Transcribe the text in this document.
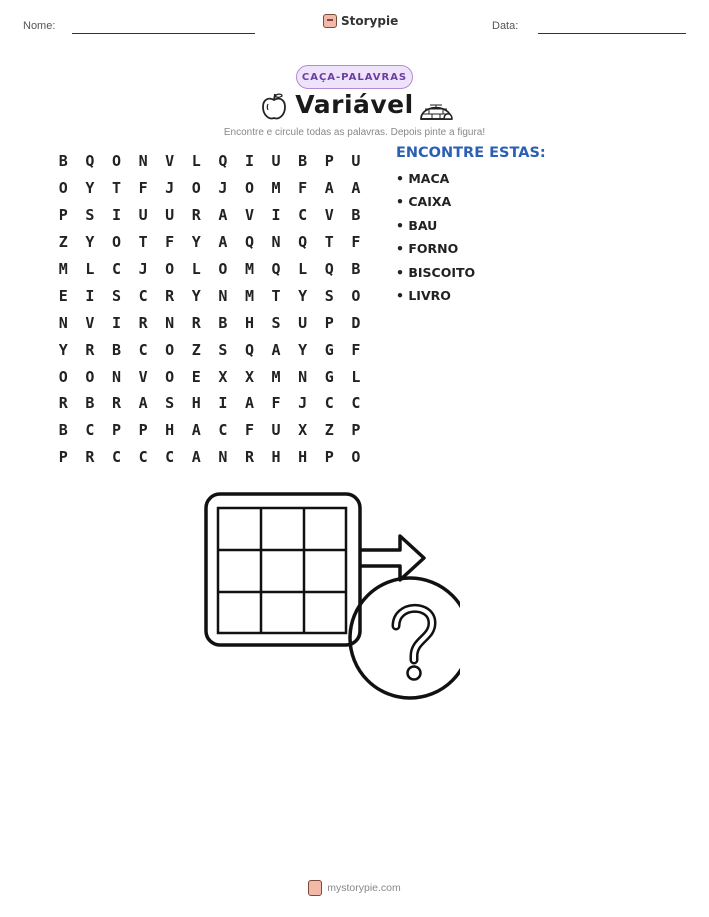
Nome:	Storypie	Data:
CAÇA-PALAVRAS
Variável
Encontre e circule todas as palavras. Depois pinte a figura!
B	Q	O	N	V	L	Q	I	U	B	P	U
O	Y	T	F	J	O	J	O	M	F	A	A
P	S	I	U	U	R	A	V	I	C	V	B
Z	Y	O	T	F	Y	A	Q	N	Q	T	F
M	L	C	J	O	L	O	M	Q	L	Q	B
E	I	S	C	R	Y	N	M	T	Y	S	O
N	V	I	R	N	R	B	H	S	U	P	D
Y	R	B	C	O	Z	S	Q	A	Y	G	F
O	O	N	V	O	E	X	X	M	N	G	L
R	B	R	A	S	H	I	A	F	J	C	C
B	C	P	P	H	A	C	F	U	X	Z	P
P	R	C	C	C	A	N	R	H	H	P	O
ENCONTRE ESTAS:
• MACA
• CAIXA
• BAU
• FORNO
• BISCOITO
• LIVRO
mystorypie.com
